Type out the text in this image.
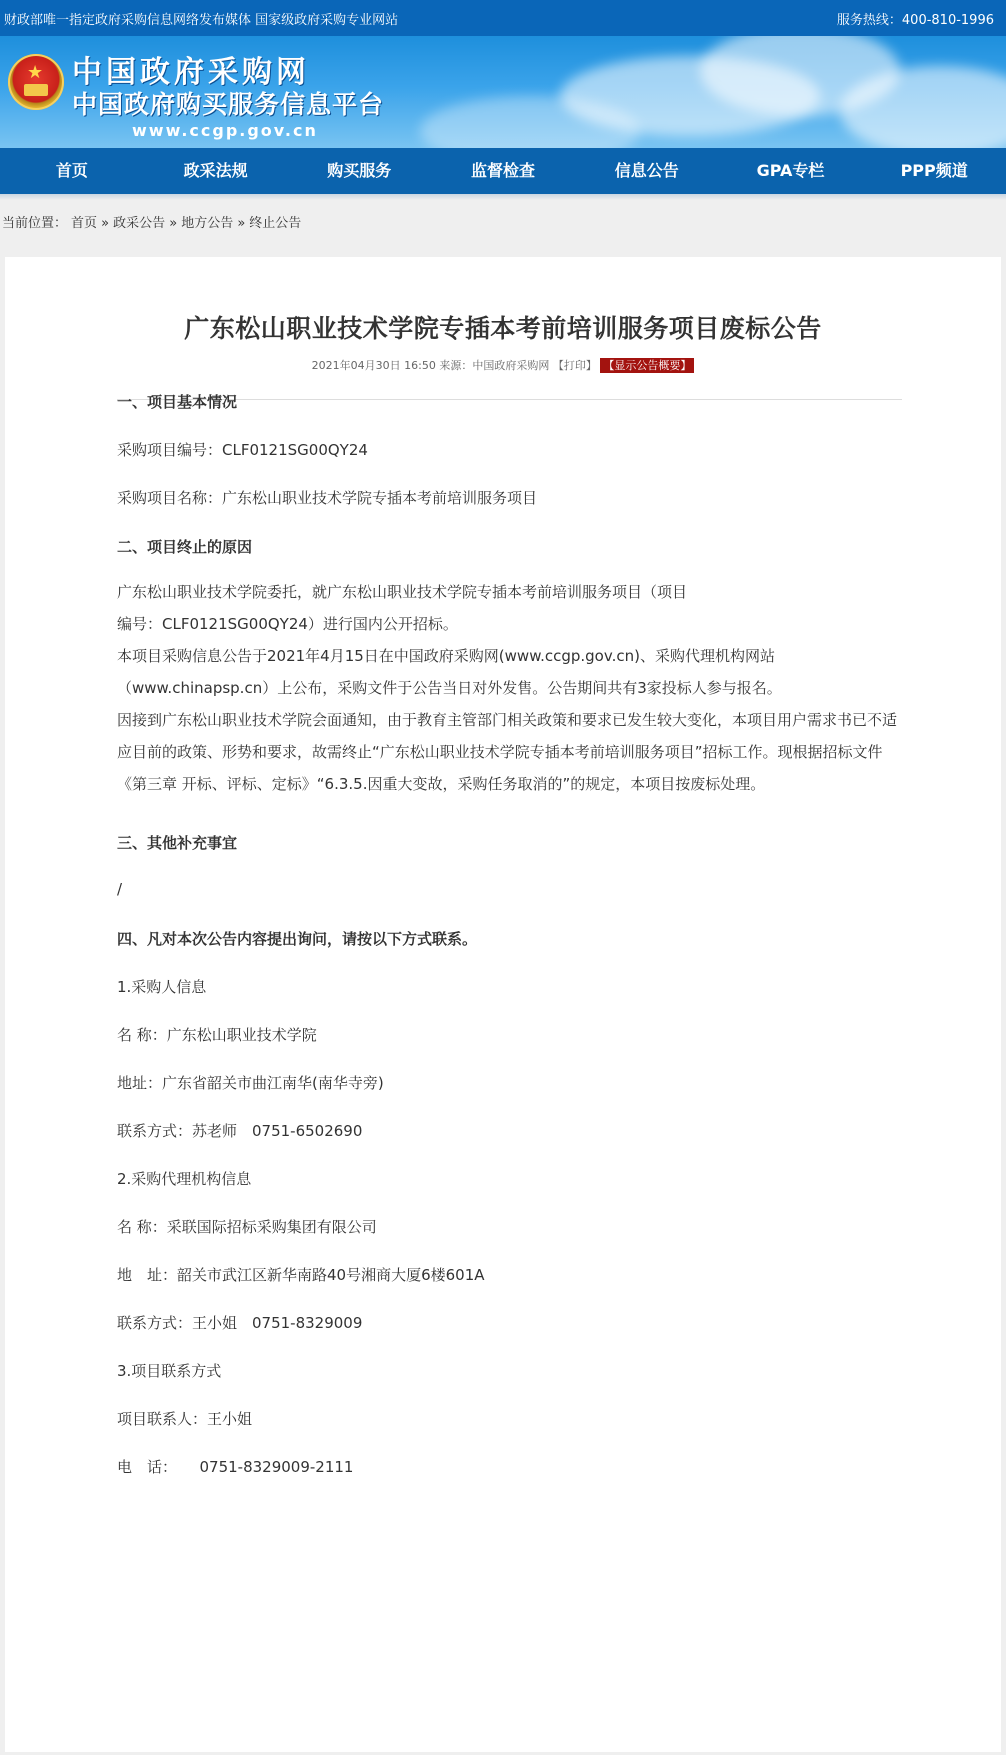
财政部唯一指定政府采购信息网络发布媒体 国家级政府采购专业网站	服务热线：400-810-1996
★ 中国政府采购网
中国政府购买服务信息平台
www.ccgp.gov.cn
首页	政采法规	购买服务	监督检查	信息公告	GPA专栏	PPP频道
当前位置： 首页 » 政采公告 » 地方公告 » 终止公告
广东松山职业技术学院专插本考前培训服务项目废标公告
2021年04月30日 16:50 来源：中国政府采购网 【打印】 【显示公告概要】
一、项目基本情况
采购项目编号：CLF0121SG00QY24
采购项目名称：广东松山职业技术学院专插本考前培训服务项目
二、项目终止的原因
广东松山职业技术学院委托，就广东松山职业技术学院专插本考前培训服务项目（项目编号：CLF0121SG00QY24）进行国内公开招标。
本项目采购信息公告于2021年4月15日在中国政府采购网(www.ccgp.gov.cn)、采购代理机构网站（www.chinapsp.cn）上公布，采购文件于公告当日对外发售。公告期间共有3家投标人参与报名。
因接到广东松山职业技术学院会面通知，由于教育主管部门相关政策和要求已发生较大变化，本项目用户需求书已不适应目前的政策、形势和要求，故需终止“广东松山职业技术学院专插本考前培训服务项目”招标工作。现根据招标文件《第三章 开标、评标、定标》“6.3.5.因重大变故，采购任务取消的”的规定，本项目按废标处理。
三、其他补充事宜
/
四、凡对本次公告内容提出询问，请按以下方式联系。
1.采购人信息
名 称：广东松山职业技术学院
地址：广东省韶关市曲江南华(南华寺旁)
联系方式：苏老师　0751-6502690
2.采购代理机构信息
名 称：采联国际招标采购集团有限公司
地　址：韶关市武江区新华南路40号湘商大厦6楼601A
联系方式：王小姐　0751-8329009
3.项目联系方式
项目联系人：王小姐
电　话：　　0751-8329009-2111
